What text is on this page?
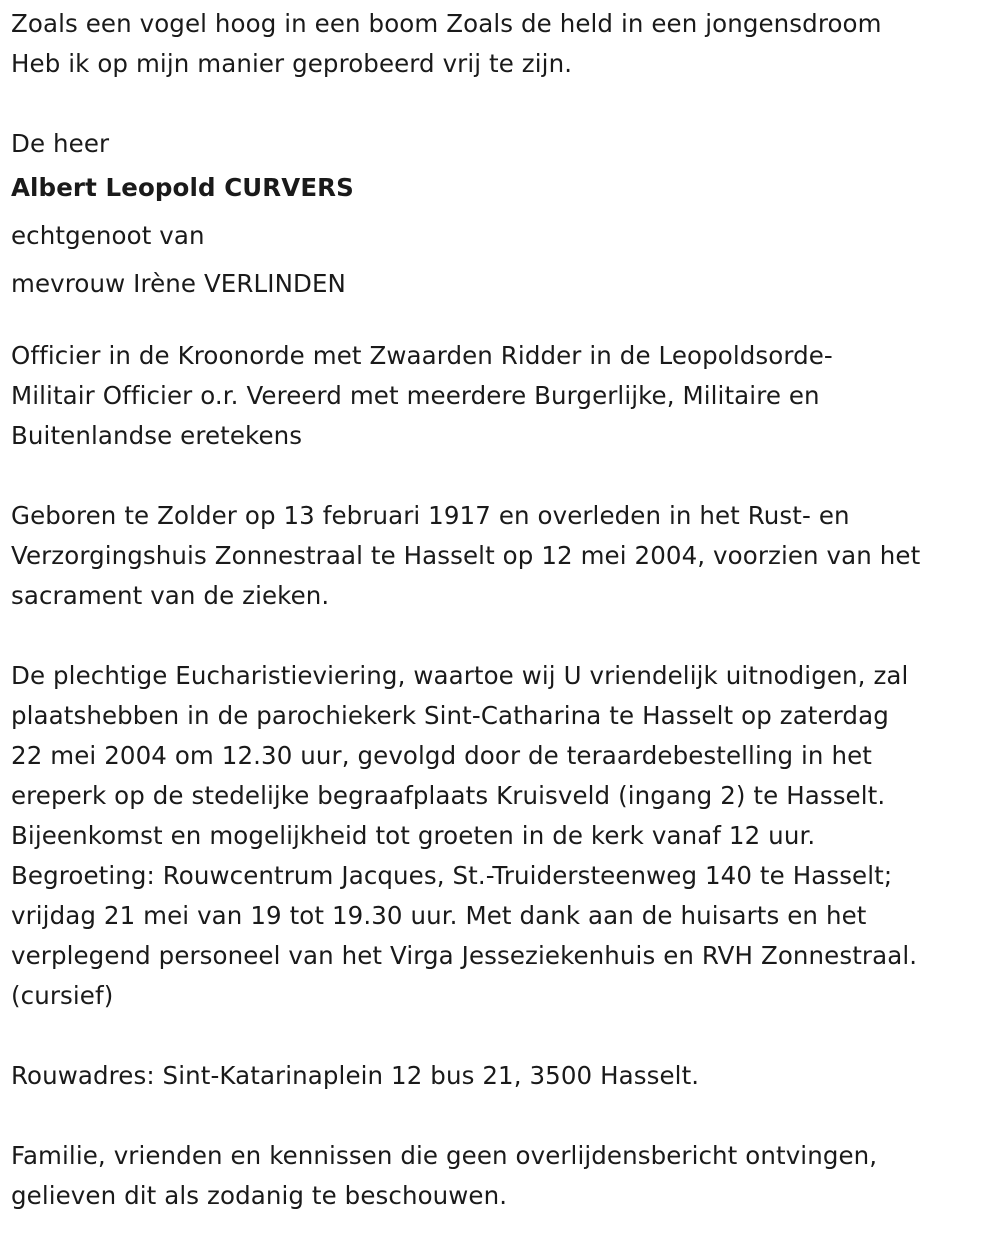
Zoals een vogel hoog in een boom Zoals de held in een jongensdroom
Heb ik op mijn manier geprobeerd vrij te zijn.
De heer
Albert Leopold CURVERS
echtgenoot van
mevrouw Irène VERLINDEN
Officier in de Kroonorde met Zwaarden Ridder in de Leopoldsorde-
Militair Officier o.r. Vereerd met meerdere Burgerlijke, Militaire en
Buitenlandse eretekens
Geboren te Zolder op 13 februari 1917 en overleden in het Rust- en
Verzorgingshuis Zonnestraal te Hasselt op 12 mei 2004, voorzien van het
sacrament van de zieken.
De plechtige Eucharistieviering, waartoe wij U vriendelijk uitnodigen, zal
plaatshebben in de parochiekerk Sint-Catharina te Hasselt op zaterdag
22 mei 2004 om 12.30 uur, gevolgd door de teraardebestelling in het
ereperk op de stedelijke begraafplaats Kruisveld (ingang 2) te Hasselt.
Bijeenkomst en mogelijkheid tot groeten in de kerk vanaf 12 uur.
Begroeting: Rouwcentrum Jacques, St.-Truidersteenweg 140 te Hasselt;
vrijdag 21 mei van 19 tot 19.30 uur. Met dank aan de huisarts en het
verplegend personeel van het Virga Jesseziekenhuis en RVH Zonnestraal.
(cursief)
Rouwadres: Sint-Katarinaplein 12 bus 21, 3500 Hasselt.
Familie, vrienden en kennissen die geen overlijdensbericht ontvingen,
gelieven dit als zodanig te beschouwen.
